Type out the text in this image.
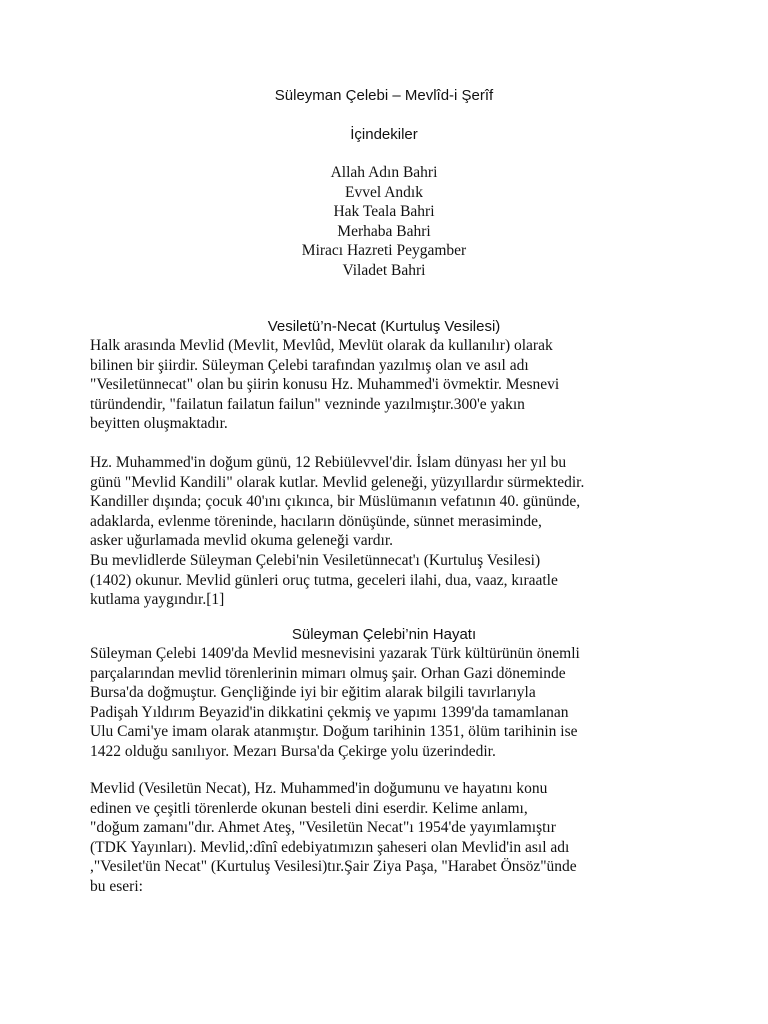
Süleyman Çelebi – Mevlîd-i Şerîf
İçindekiler
Allah Adın Bahri
Evvel Andık
Hak Teala Bahri
Merhaba Bahri
Miracı Hazreti Peygamber
Viladet Bahri
Vesiletü’n-Necat (Kurtuluş Vesilesi)

Halk arasında Mevlid (Mevlit, Mevlûd, Mevlüt olarak da kullanılır) olarak
bilinen bir şiirdir. Süleyman Çelebi tarafından yazılmış olan ve asıl adı
"Vesiletünnecat" olan bu şiirin konusu Hz. Muhammed'i övmektir. Mesnevi
türündendir, "failatun failatun failun" vezninde yazılmıştır.300'e yakın
beyitten oluşmaktadır.

Hz. Muhammed'in doğum günü, 12 Rebiülevvel'dir. İslam dünyası her yıl bu
günü "Mevlid Kandili" olarak kutlar. Mevlid geleneği, yüzyıllardır sürmektedir.
Kandiller dışında; çocuk 40'ını çıkınca, bir Müslümanın vefatının 40. gününde,
adaklarda, evlenme töreninde, hacıların dönüşünde, sünnet merasiminde,
asker uğurlamada mevlid okuma geleneği vardır.
Bu mevlidlerde Süleyman Çelebi'nin Vesiletünnecat'ı (Kurtuluş Vesilesi)
(1402) okunur. Mevlid günleri oruç tutma, geceleri ilahi, dua, vaaz, kıraatle
kutlama yaygındır.[1]

Süleyman Çelebi’nin Hayatı

Süleyman Çelebi 1409'da Mevlid mesnevisini yazarak Türk kültürünün önemli
parçalarından mevlid törenlerinin mimarı olmuş şair. Orhan Gazi döneminde
Bursa'da doğmuştur. Gençliğinde iyi bir eğitim alarak bilgili tavırlarıyla
Padişah Yıldırım Beyazid'in dikkatini çekmiş ve yapımı 1399'da tamamlanan
Ulu Cami'ye imam olarak atanmıştır. Doğum tarihinin 1351, ölüm tarihinin ise
1422 olduğu sanılıyor. Mezarı Bursa'da Çekirge yolu üzerindedir.

Mevlid (Vesiletün Necat), Hz. Muhammed'in doğumunu ve hayatını konu
edinen ve çeşitli törenlerde okunan besteli dini eserdir. Kelime anlamı,
"doğum zamanı"dır. Ahmet Ateş, "Vesiletün Necat"ı 1954'de yayımlamıştır
(TDK Yayınları). Mevlid,:dînî edebiyatımızın şaheseri olan Mevlid'in asıl adı
,"Vesilet'ün Necat" (Kurtuluş Vesilesi)tır.Şair Ziya Paşa, "Harabet Önsöz"ünde
bu eseri:
